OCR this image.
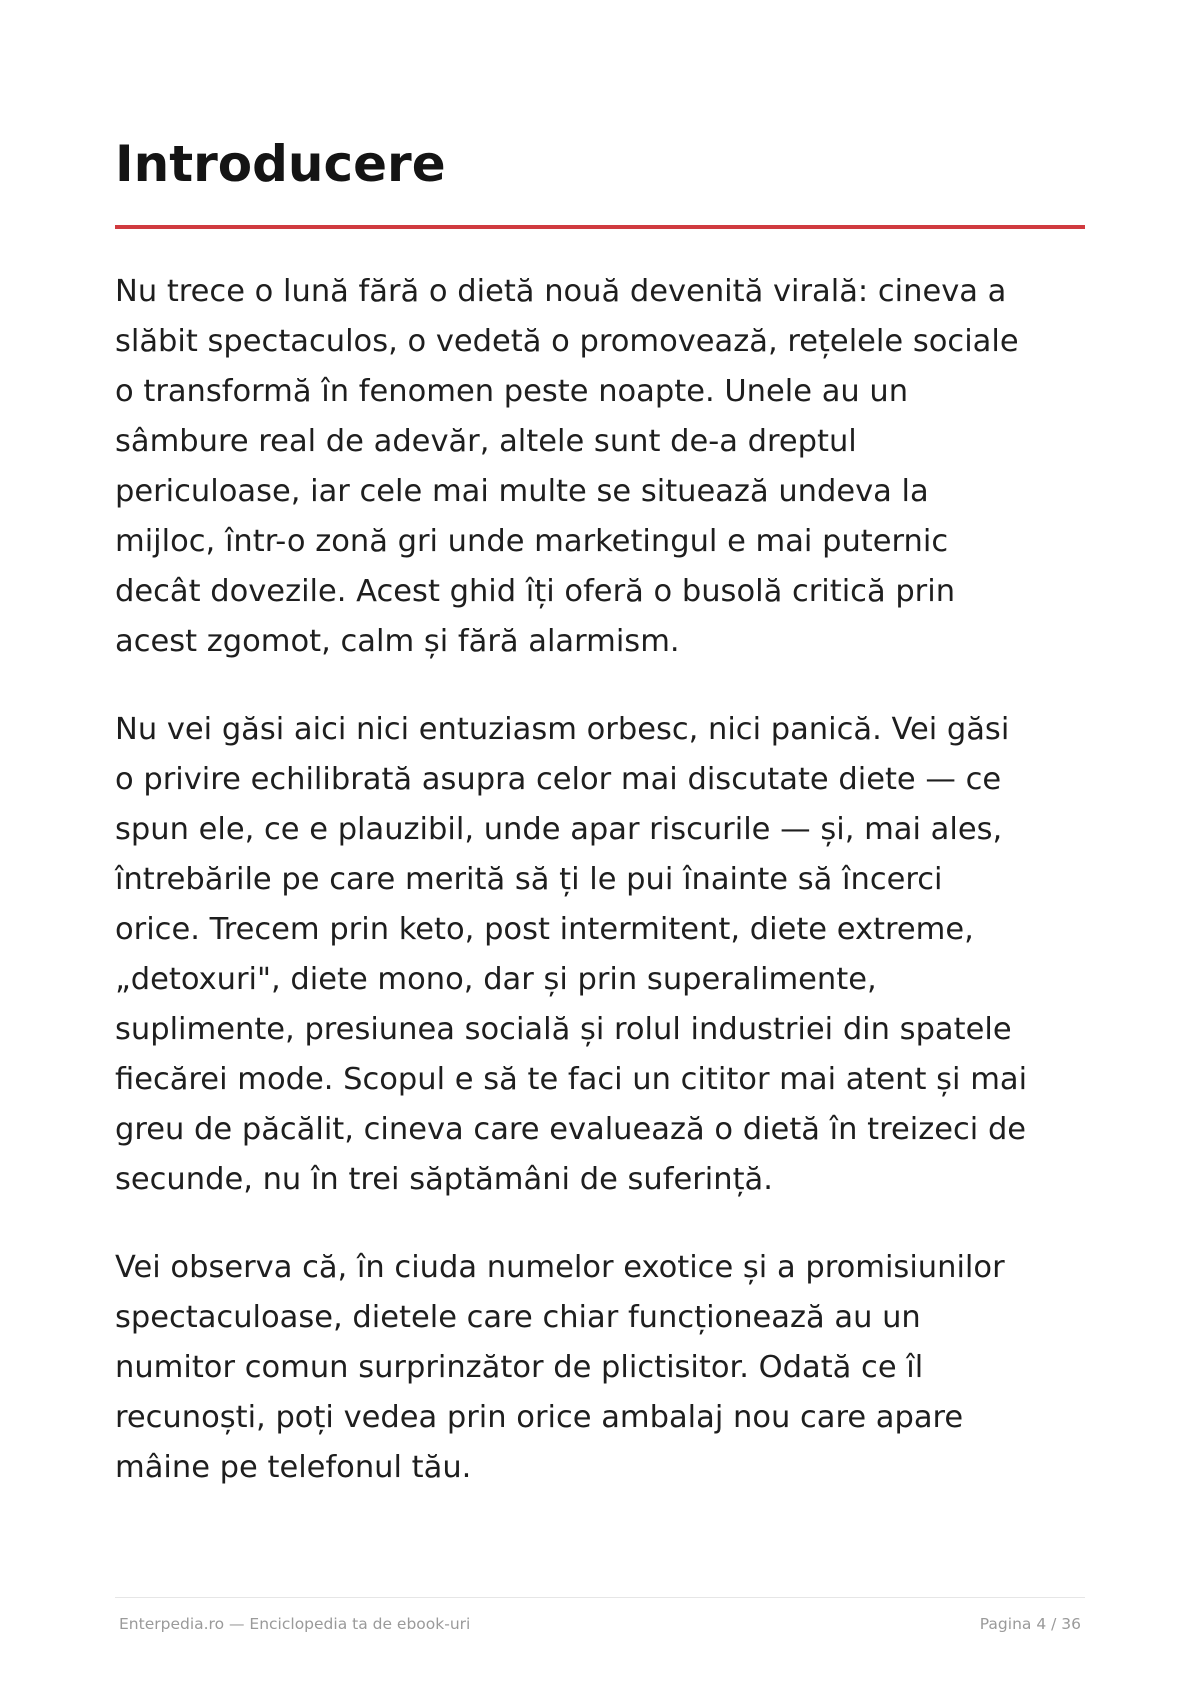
Introducere

Nu trece o lună fără o dietă nouă devenită virală: cineva a
slăbit spectaculos, o vedetă o promovează, rețelele sociale
o transformă în fenomen peste noapte. Unele au un
sâmbure real de adevăr, altele sunt de-a dreptul
periculoase, iar cele mai multe se situează undeva la
mijloc, într-o zonă gri unde marketingul e mai puternic
decât dovezile. Acest ghid îți oferă o busolă critică prin
acest zgomot, calm și fără alarmism.

Nu vei găsi aici nici entuziasm orbesc, nici panică. Vei găsi
o privire echilibrată asupra celor mai discutate diete — ce
spun ele, ce e plauzibil, unde apar riscurile — și, mai ales,
întrebările pe care merită să ți le pui înainte să încerci
orice. Trecem prin keto, post intermitent, diete extreme,
„detoxuri", diete mono, dar și prin superalimente,
suplimente, presiunea socială și rolul industriei din spatele
fiecărei mode. Scopul e să te faci un cititor mai atent și mai
greu de păcălit, cineva care evaluează o dietă în treizeci de
secunde, nu în trei săptămâni de suferință.

Vei observa că, în ciuda numelor exotice și a promisiunilor
spectaculoase, dietele care chiar funcționează au un
numitor comun surprinzător de plictisitor. Odată ce îl
recunoști, poți vedea prin orice ambalaj nou care apare
mâine pe telefonul tău.

Enterpedia.ro — Enciclopedia ta de ebook-uri	Pagina 4 / 36
